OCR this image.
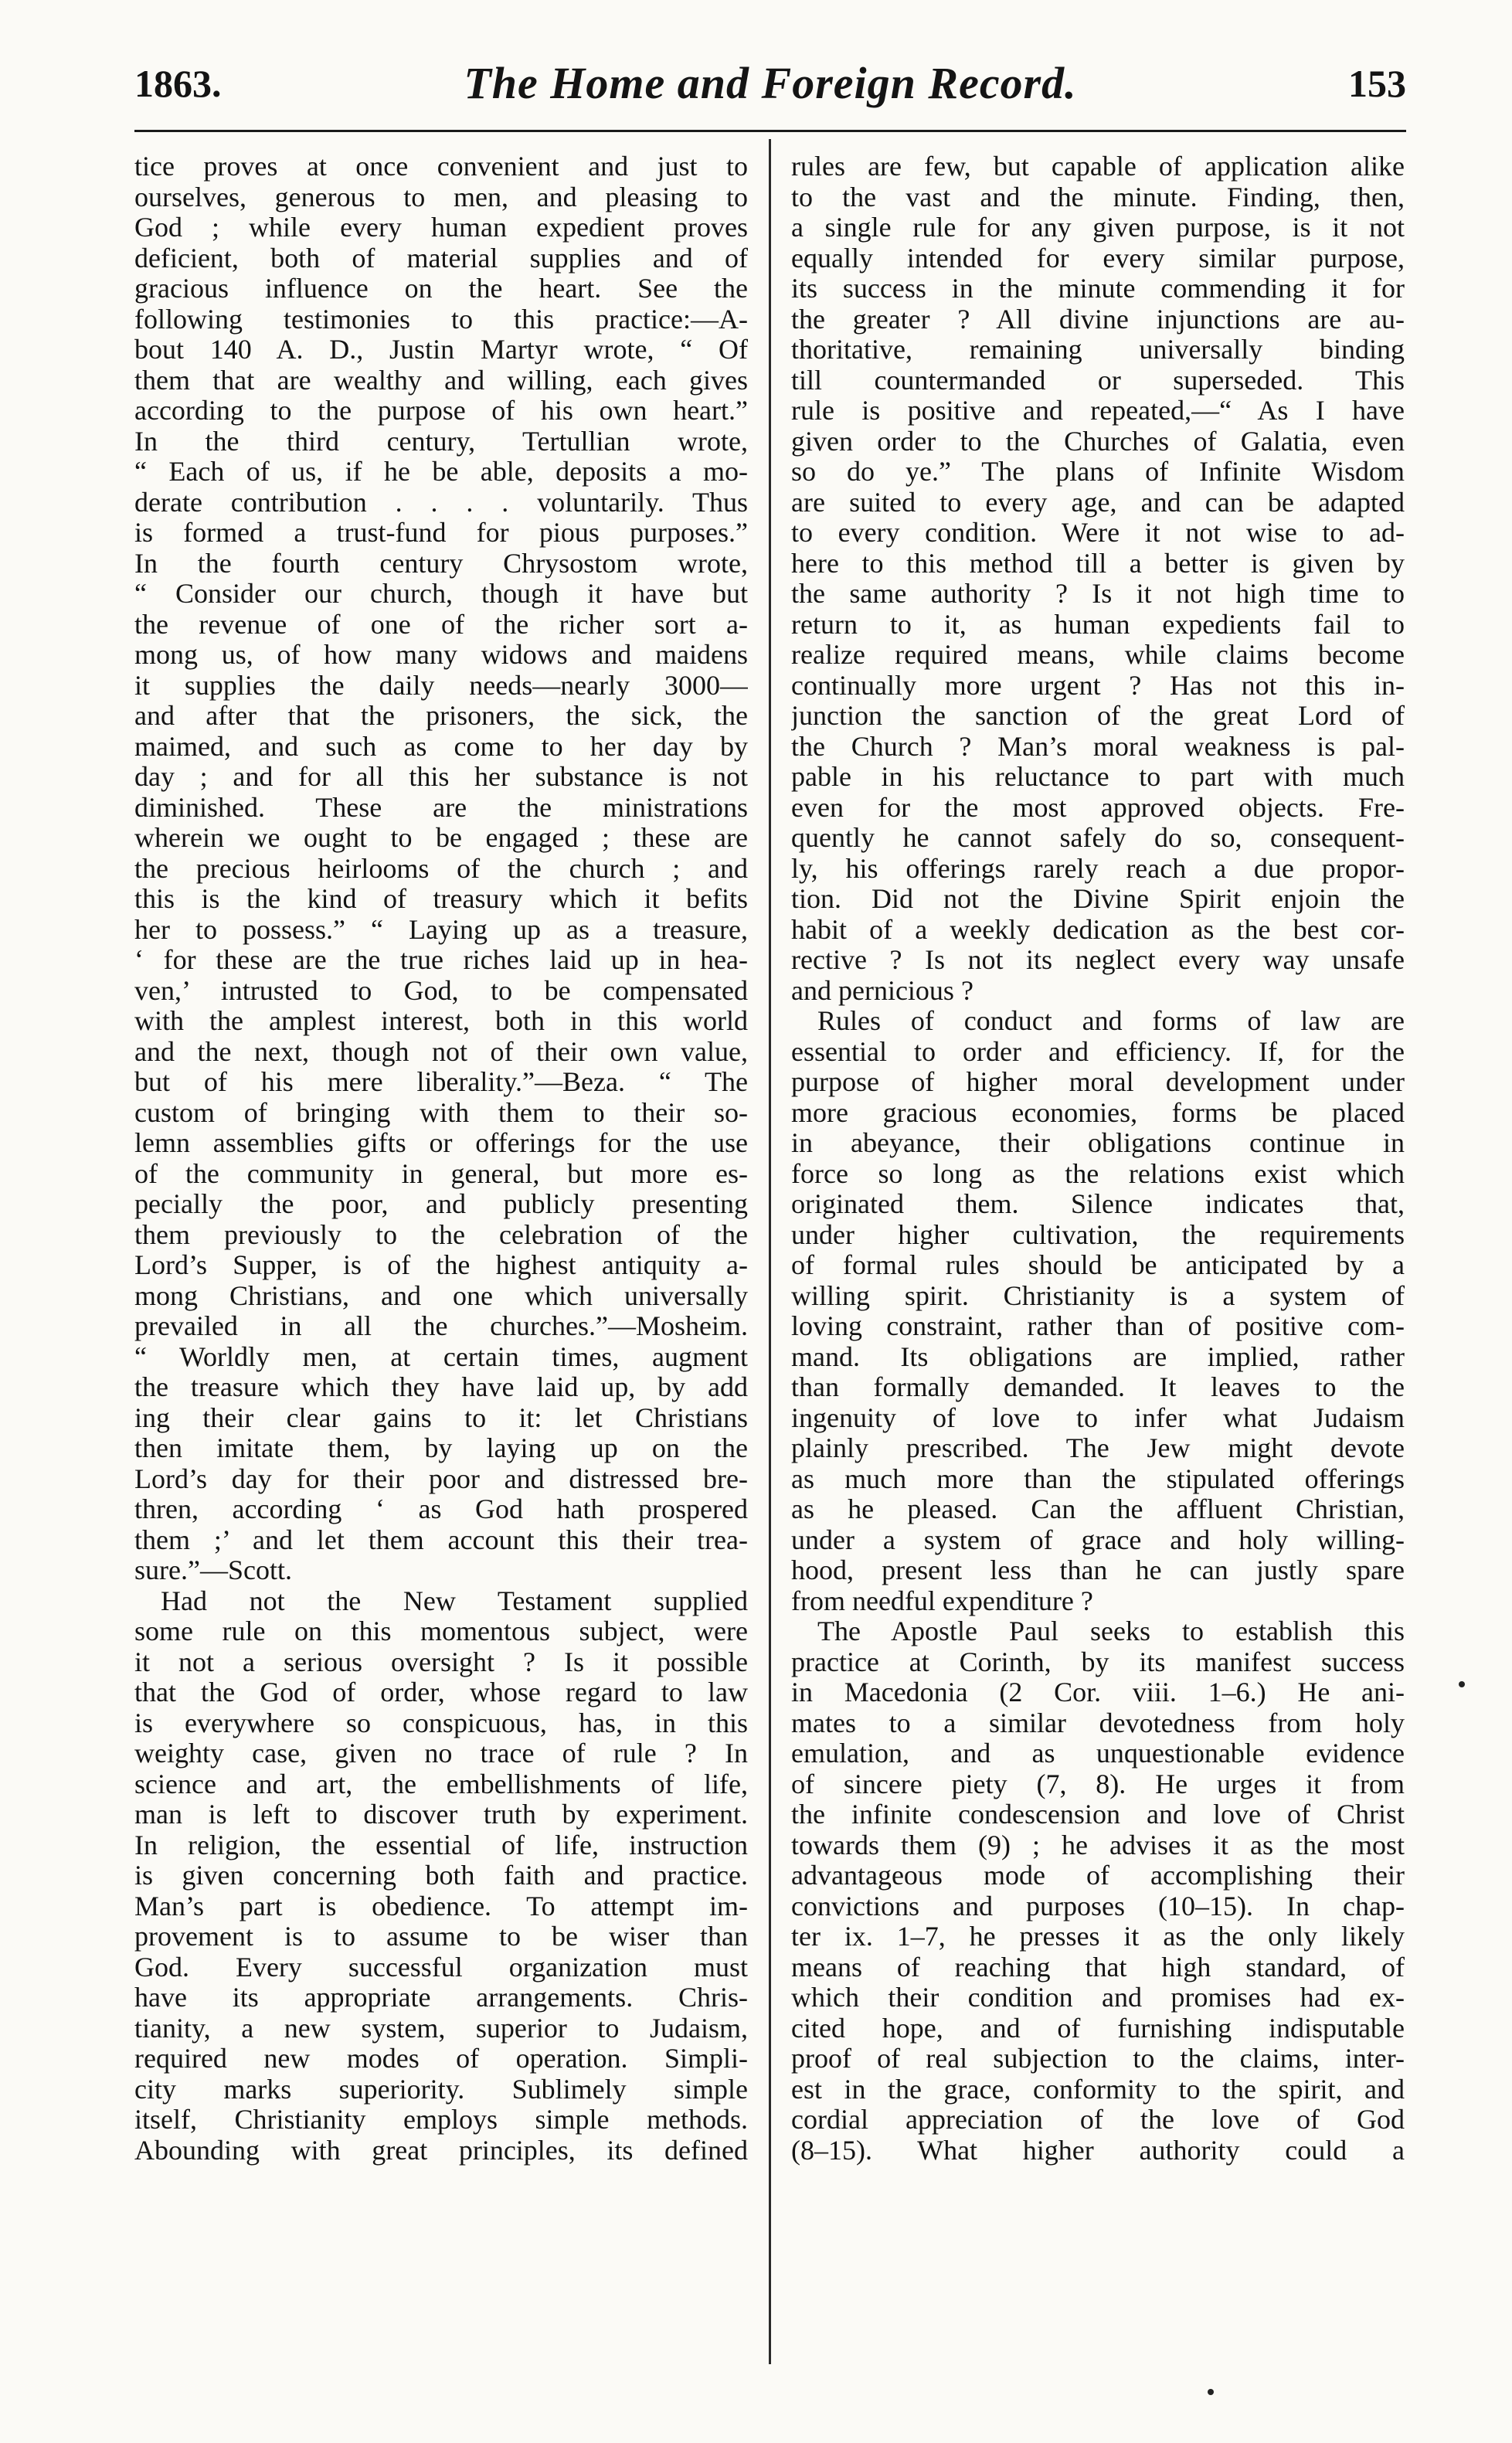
1863.	The Home and Foreign Record.	153
tice proves at once convenient and just to
ourselves, generous to men, and pleasing to
God ; while every human expedient proves
deficient, both of material supplies and of
gracious influence on the heart. See the
following testimonies to this practice:—A-
bout 140 A. D., Justin Martyr wrote, “ Of
them that are wealthy and willing, each gives
according to the purpose of his own heart.”
In the third century, Tertullian wrote,
“ Each of us, if he be able, deposits a mo-
derate contribution . . . . voluntarily. Thus
is formed a trust-fund for pious purposes.”
In the fourth century Chrysostom wrote,
“ Consider our church, though it have but
the revenue of one of the richer sort a-
mong us, of how many widows and maidens
it supplies the daily needs—nearly 3000—
and after that the prisoners, the sick, the
maimed, and such as come to her day by
day ; and for all this her substance is not
diminished. These are the ministrations
wherein we ought to be engaged ; these are
the precious heirlooms of the church ; and
this is the kind of treasury which it befits
her to possess.” “ Laying up as a treasure,
‘ for these are the true riches laid up in hea-
ven,’ intrusted to God, to be compensated
with the amplest interest, both in this world
and the next, though not of their own value,
but of his mere liberality.”—Beza. “ The
custom of bringing with them to their so-
lemn assemblies gifts or offerings for the use
of the community in general, but more es-
pecially the poor, and publicly presenting
them previously to the celebration of the
Lord’s Supper, is of the highest antiquity a-
mong Christians, and one which universally
prevailed in all the churches.”—Mosheim.
“ Worldly men, at certain times, augment
the treasure which they have laid up, by add
ing their clear gains to it: let Christians
then imitate them, by laying up on the
Lord’s day for their poor and distressed bre-
thren, according ‘ as God hath prospered
them ;’ and let them account this their trea-
sure.”—Scott.
Had not the New Testament supplied
some rule on this momentous subject, were
it not a serious oversight ? Is it possible
that the God of order, whose regard to law
is everywhere so conspicuous, has, in this
weighty case, given no trace of rule ? In
science and art, the embellishments of life,
man is left to discover truth by experiment.
In religion, the essential of life, instruction
is given concerning both faith and practice.
Man’s part is obedience. To attempt im-
provement is to assume to be wiser than
God. Every successful organization must
have its appropriate arrangements. Chris-
tianity, a new system, superior to Judaism,
required new modes of operation. Simpli-
city marks superiority. Sublimely simple
itself, Christianity employs simple methods.
Abounding with great principles, its defined
rules are few, but capable of application alike
to the vast and the minute. Finding, then,
a single rule for any given purpose, is it not
equally intended for every similar purpose,
its success in the minute commending it for
the greater ? All divine injunctions are au-
thoritative, remaining universally binding
till countermanded or superseded. This
rule is positive and repeated,—“ As I have
given order to the Churches of Galatia, even
so do ye.” The plans of Infinite Wisdom
are suited to every age, and can be adapted
to every condition. Were it not wise to ad-
here to this method till a better is given by
the same authority ? Is it not high time to
return to it, as human expedients fail to
realize required means, while claims become
continually more urgent ? Has not this in-
junction the sanction of the great Lord of
the Church ? Man’s moral weakness is pal-
pable in his reluctance to part with much
even for the most approved objects. Fre-
quently he cannot safely do so, consequent-
ly, his offerings rarely reach a due propor-
tion. Did not the Divine Spirit enjoin the
habit of a weekly dedication as the best cor-
rective ? Is not its neglect every way unsafe
and pernicious ?
Rules of conduct and forms of law are
essential to order and efficiency. If, for the
purpose of higher moral development under
more gracious economies, forms be placed
in abeyance, their obligations continue in
force so long as the relations exist which
originated them. Silence indicates that,
under higher cultivation, the requirements
of formal rules should be anticipated by a
willing spirit. Christianity is a system of
loving constraint, rather than of positive com-
mand. Its obligations are implied, rather
than formally demanded. It leaves to the
ingenuity of love to infer what Judaism
plainly prescribed. The Jew might devote
as much more than the stipulated offerings
as he pleased. Can the affluent Christian,
under a system of grace and holy willing-
hood, present less than he can justly spare
from needful expenditure ?
The Apostle Paul seeks to establish this
practice at Corinth, by its manifest success
in Macedonia (2 Cor. viii. 1–6.) He ani-
mates to a similar devotedness from holy
emulation, and as unquestionable evidence
of sincere piety (7, 8). He urges it from
the infinite condescension and love of Christ
towards them (9) ; he advises it as the most
advantageous mode of accomplishing their
convictions and purposes (10–15). In chap-
ter ix. 1–7, he presses it as the only likely
means of reaching that high standard, of
which their condition and promises had ex-
cited hope, and of furnishing indisputable
proof of real subjection to the claims, inter-
est in the grace, conformity to the spirit, and
cordial appreciation of the love of God
(8–15). What higher authority could a
